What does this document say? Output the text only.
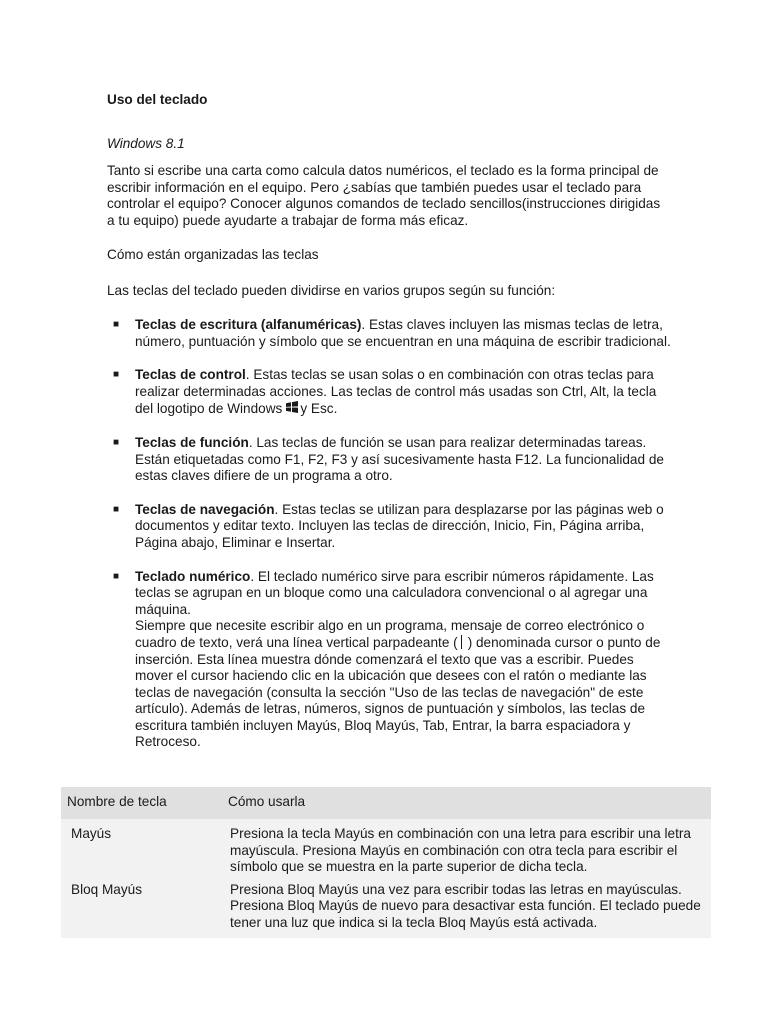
Uso del teclado
Windows 8.1
Tanto si escribe una carta como calcula datos numéricos, el teclado es la forma principal de escribir información en el equipo. Pero ¿sabías que también puedes usar el teclado para controlar el equipo? Conocer algunos comandos de teclado sencillos(instrucciones dirigidas a tu equipo) puede ayudarte a trabajar de forma más eficaz.
Cómo están organizadas las teclas
Las teclas del teclado pueden dividirse en varios grupos según su función:
■ Teclas de escritura (alfanuméricas). Estas claves incluyen las mismas teclas de letra, número, puntuación y símbolo que se encuentran en una máquina de escribir tradicional.
■ Teclas de control. Estas teclas se usan solas o en combinación con otras teclas para realizar determinadas acciones. Las teclas de control más usadas son Ctrl, Alt, la tecla del logotipo de Windows y Esc.
■ Teclas de función. Las teclas de función se usan para realizar determinadas tareas. Están etiquetadas como F1, F2, F3 y así sucesivamente hasta F12. La funcionalidad de estas claves difiere de un programa a otro.
■ Teclas de navegación. Estas teclas se utilizan para desplazarse por las páginas web o documentos y editar texto. Incluyen las teclas de dirección, Inicio, Fin, Página arriba, Página abajo, Eliminar e Insertar.
■ Teclado numérico. El teclado numérico sirve para escribir números rápidamente. Las teclas se agrupan en un bloque como una calculadora convencional o al agregar una máquina.
Siempre que necesite escribir algo en un programa, mensaje de correo electrónico o cuadro de texto, verá una línea vertical parpadeante ( ) denominada cursor o punto de inserción. Esta línea muestra dónde comenzará el texto que vas a escribir. Puedes mover el cursor haciendo clic en la ubicación que desees con el ratón o mediante las teclas de navegación (consulta la sección "Uso de las teclas de navegación" de este artículo). Además de letras, números, signos de puntuación y símbolos, las teclas de escritura también incluyen Mayús, Bloq Mayús, Tab, Entrar, la barra espaciadora y Retroceso.
Nombre de tecla	Cómo usarla
Mayús	Presiona la tecla Mayús en combinación con una letra para escribir una letra mayúscula. Presiona Mayús en combinación con otra tecla para escribir el símbolo que se muestra en la parte superior de dicha tecla.
Bloq Mayús	Presiona Bloq Mayús una vez para escribir todas las letras en mayúsculas. Presiona Bloq Mayús de nuevo para desactivar esta función. El teclado puede tener una luz que indica si la tecla Bloq Mayús está activada.
